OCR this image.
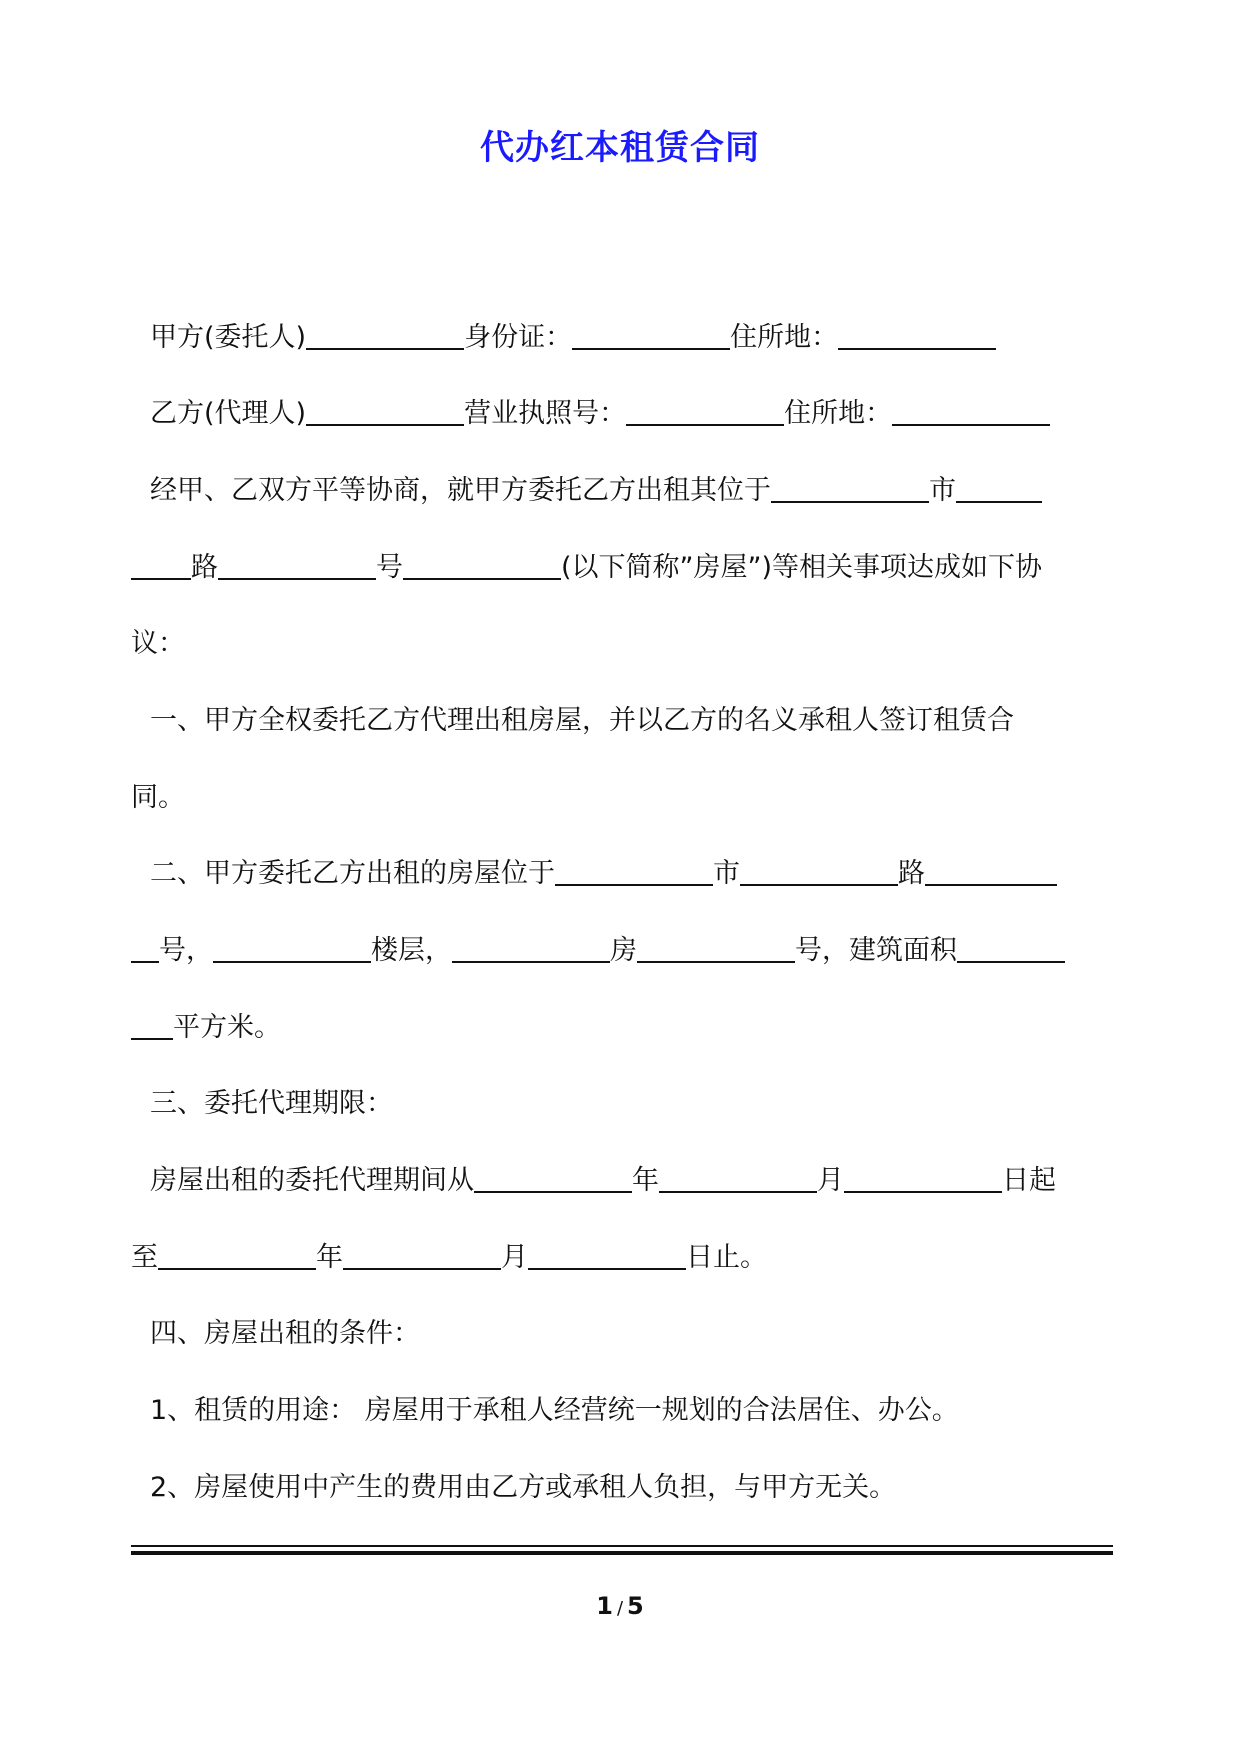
代办红本租赁合同
甲方(委托人)	身份证：	住所地：
乙方(代理人)	营业执照号：	住所地：
经甲、乙双方平等协商，就甲方委托乙方出租其位于	市
路	号	(以下简称”房屋”)等相关事项达成如下协
议：
一、甲方全权委托乙方代理出租房屋，并以乙方的名义承租人签订租赁合
同。
二、甲方委托乙方出租的房屋位于	市	路
号，	楼层，	房	号，建筑面积
平方米。
三、委托代理期限：
房屋出租的委托代理期间从	年	月	日起
至	年	月	日止。
四、房屋出租的条件：
1、租赁的用途： 房屋用于承租人经营统一规划的合法居住、办公。
2、房屋使用中产生的费用由乙方或承租人负担，与甲方无关。
1 / 5
